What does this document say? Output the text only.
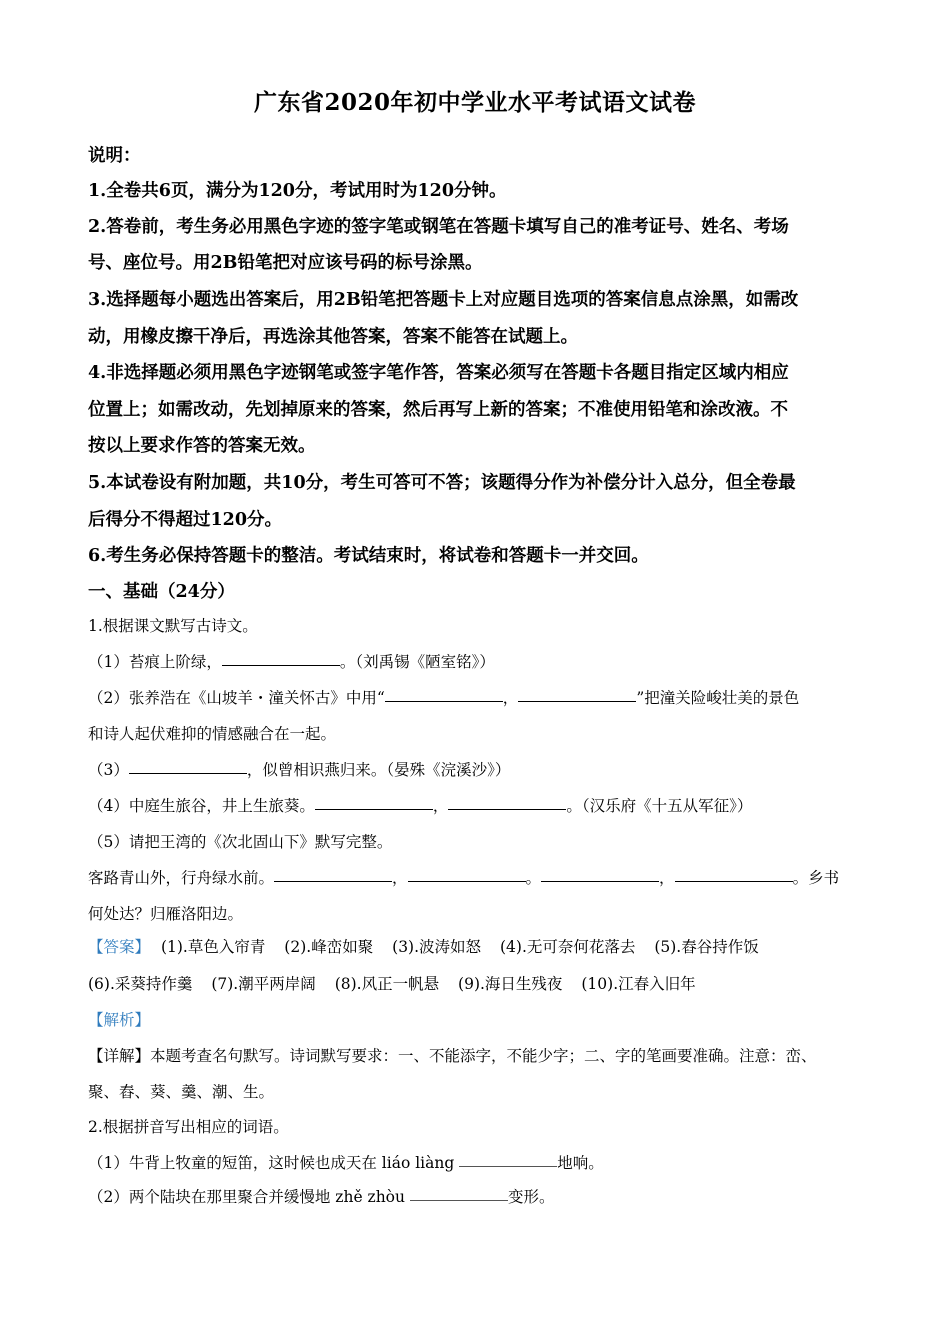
广东省2020年初中学业水平考试语文试卷
说明：
1.全卷共6页，满分为120分，考试用时为120分钟。
2.答卷前，考生务必用黑色字迹的签字笔或钢笔在答题卡填写自己的准考证号、姓名、考场
号、座位号。用2B铅笔把对应该号码的标号涂黑。
3.选择题每小题选出答案后，用2B铅笔把答题卡上对应题目选项的答案信息点涂黑，如需改
动，用橡皮擦干净后，再选涂其他答案，答案不能答在试题上。
4.非选择题必须用黑色字迹钢笔或签字笔作答，答案必须写在答题卡各题目指定区域内相应
位置上；如需改动，先划掉原来的答案，然后再写上新的答案；不准使用铅笔和涂改液。不
按以上要求作答的答案无效。
5.本试卷设有附加题，共10分，考生可答可不答；该题得分作为补偿分计入总分，但全卷最
后得分不得超过120分。
6.考生务必保持答题卡的整洁。考试结束时，将试卷和答题卡一并交回。
一、基础（24分）
1.根据课文默写古诗文。
（1）苔痕上阶绿，	。（刘禹锡《陋室铭》）
（2）张养浩在《山坡羊・潼关怀古》中用“	，	”把潼关险峻壮美的景色
和诗人起伏难抑的情感融合在一起。
（3）	，似曾相识燕归来。（晏殊《浣溪沙》）
（4）中庭生旅谷，井上生旅葵。	，	。（汉乐府《十五从军征》）
（5）请把王湾的《次北固山下》默写完整。
客路青山外，行舟绿水前。	，	。	，	。乡书
何处达？归雁洛阳边。
【答案】 (1).草色入帘青 (2).峰峦如聚 (3).波涛如怒 (4).无可奈何花落去 (5).舂谷持作饭
(6).采葵持作羹 (7).潮平两岸阔 (8).风正一帆悬 (9).海日生残夜 (10).江春入旧年
【解析】
【详解】本题考查名句默写。诗词默写要求：一、不能添字，不能少字；二、字的笔画要准确。注意：峦、
聚、舂、葵、羹、潮、生。
2.根据拼音写出相应的词语。
（1）牛背上牧童的短笛，这时候也成天在 liáo liàng	地响。
（2）两个陆块在那里聚合并缓慢地 zhě zhòu	变形。
